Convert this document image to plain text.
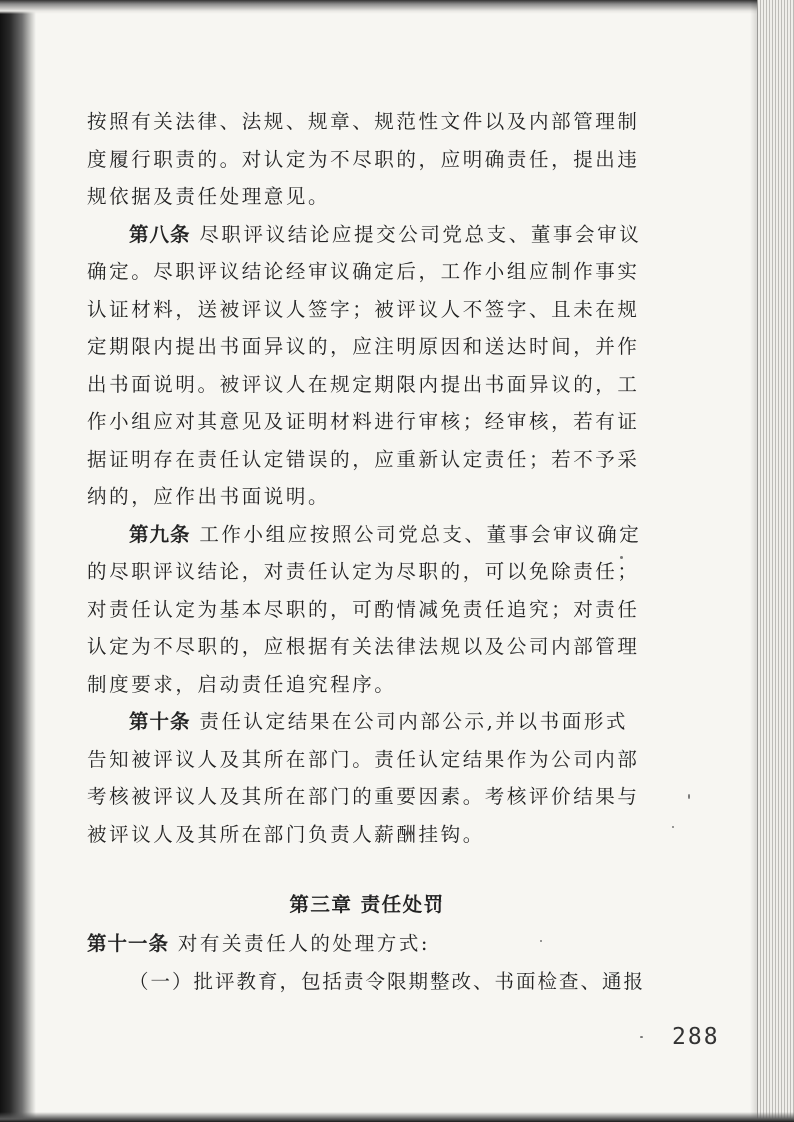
按照有关法律、法规、规章、规范性文件以及内部管理制
度履行职责的。对认定为不尽职的，应明确责任，提出违
规依据及责任处理意见。
第八条 尽职评议结论应提交公司党总支、董事会审议
确定。尽职评议结论经审议确定后，工作小组应制作事实
认证材料，送被评议人签字；被评议人不签字、且未在规
定期限内提出书面异议的，应注明原因和送达时间，并作
出书面说明。被评议人在规定期限内提出书面异议的，工
作小组应对其意见及证明材料进行审核；经审核，若有证
据证明存在责任认定错误的，应重新认定责任；若不予采
纳的，应作出书面说明。
第九条 工作小组应按照公司党总支、董事会审议确定
的尽职评议结论，对责任认定为尽职的，可以免除责任；
对责任认定为基本尽职的，可酌情减免责任追究；对责任
认定为不尽职的，应根据有关法律法规以及公司内部管理
制度要求，启动责任追究程序。
第十条 责任认定结果在公司内部公示,并以书面形式
告知被评议人及其所在部门。责任认定结果作为公司内部
考核被评议人及其所在部门的重要因素。考核评价结果与
被评议人及其所在部门负责人薪酬挂钩。
第三章 责任处罚
第十一条 对有关责任人的处理方式:
（一）批评教育，包括责令限期整改、书面检查、通报
288
